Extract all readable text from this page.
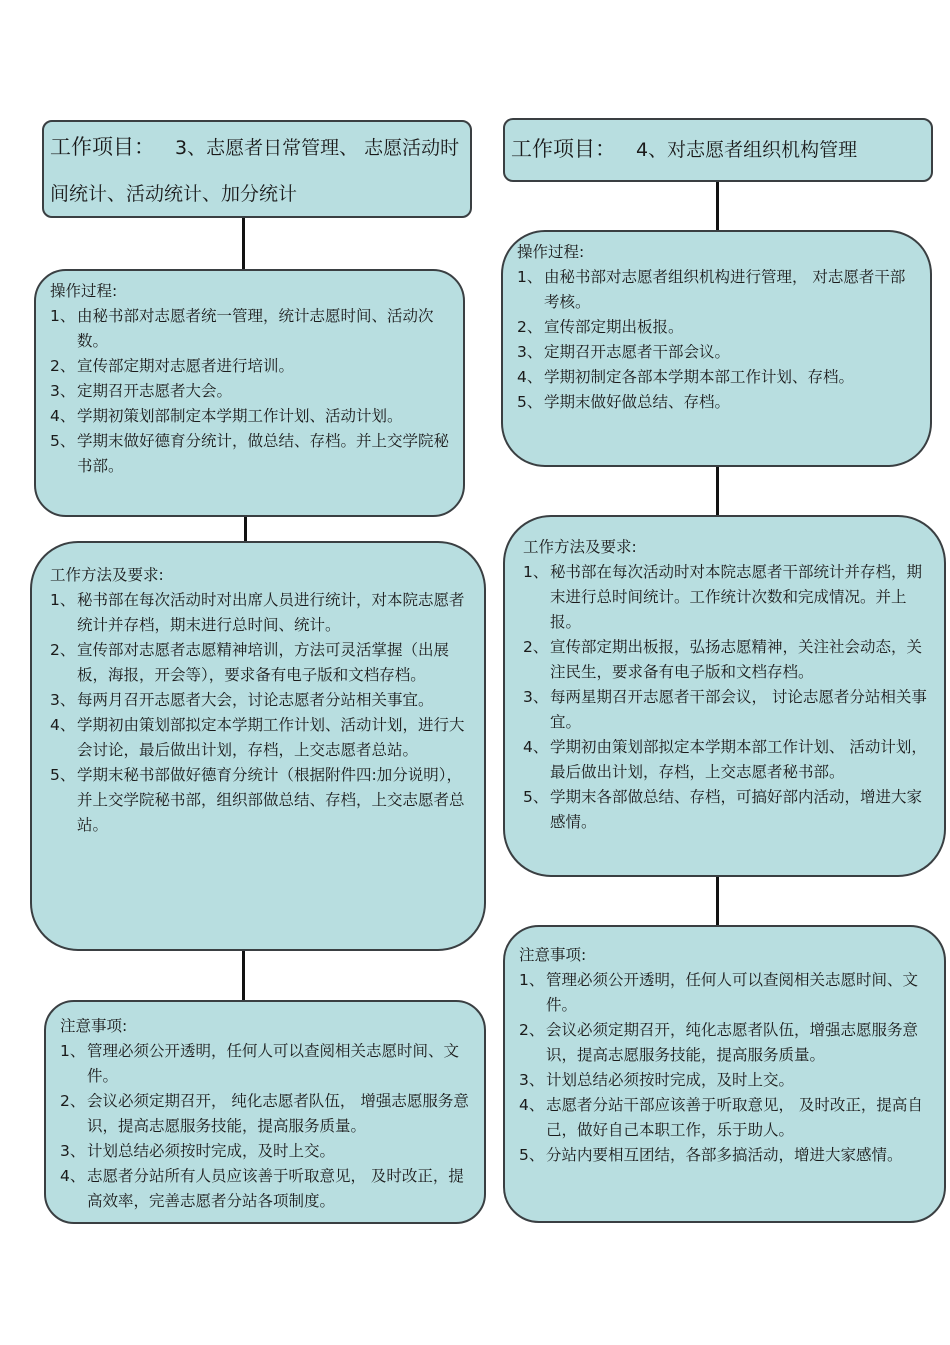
工作项目： 3、志愿者日常管理、 志愿活动时间统计、活动统计、加分统计

操作过程:

1、 由秘书部对志愿者统一管理，统计志愿时间、活动次数。
2、 宣传部定期对志愿者进行培训。
3、 定期召开志愿者大会。
4、 学期初策划部制定本学期工作计划、活动计划。
5、 学期末做好德育分统计，做总结、存档。并上交学院秘书部。

工作方法及要求:

1、 秘书部在每次活动时对出席人员进行统计，对本院志愿者统计并存档，期末进行总时间、统计。
2、 宣传部对志愿者志愿精神培训，方法可灵活掌握（出展板，海报，开会等），要求备有电子版和文档存档。
3、 每两月召开志愿者大会，讨论志愿者分站相关事宜。
4、 学期初由策划部拟定本学期工作计划、活动计划，进行大会讨论，最后做出计划，存档，上交志愿者总站。
5、 学期末秘书部做好德育分统计（根据附件四:加分说明），并上交学院秘书部，组织部做总结、存档，上交志愿者总站。

注意事项:

1、 管理必须公开透明，任何人可以查阅相关志愿时间、文件。
2、 会议必须定期召开， 纯化志愿者队伍， 增强志愿服务意识，提高志愿服务技能，提高服务质量。
3、 计划总结必须按时完成，及时上交。
4、 志愿者分站所有人员应该善于听取意见， 及时改正，提高效率，完善志愿者分站各项制度。
工作项目： 4、对志愿者组织机构管理

操作过程:

1、 由秘书部对志愿者组织机构进行管理， 对志愿者干部考核。
2、 宣传部定期出板报。
3、 定期召开志愿者干部会议。
4、 学期初制定各部本学期本部工作计划、存档。
5、 学期末做好做总结、存档。

工作方法及要求:

1、 秘书部在每次活动时对本院志愿者干部统计并存档，期末进行总时间统计。工作统计次数和完成情况。并上报。
2、 宣传部定期出板报，弘扬志愿精神，关注社会动态，关注民生，要求备有电子版和文档存档。
3、 每两星期召开志愿者干部会议， 讨论志愿者分站相关事宜。
4、 学期初由策划部拟定本学期本部工作计划、 活动计划，最后做出计划，存档，上交志愿者秘书部。
5、 学期末各部做总结、存档，可搞好部内活动，增进大家感情。

注意事项:

1、 管理必须公开透明，任何人可以查阅相关志愿时间、文件。
2、 会议必须定期召开，纯化志愿者队伍，增强志愿服务意识，提高志愿服务技能，提高服务质量。
3、 计划总结必须按时完成，及时上交。
4、 志愿者分站干部应该善于听取意见， 及时改正，提高自己，做好自己本职工作，乐于助人。
5、 分站内要相互团结，各部多搞活动，增进大家感情。
